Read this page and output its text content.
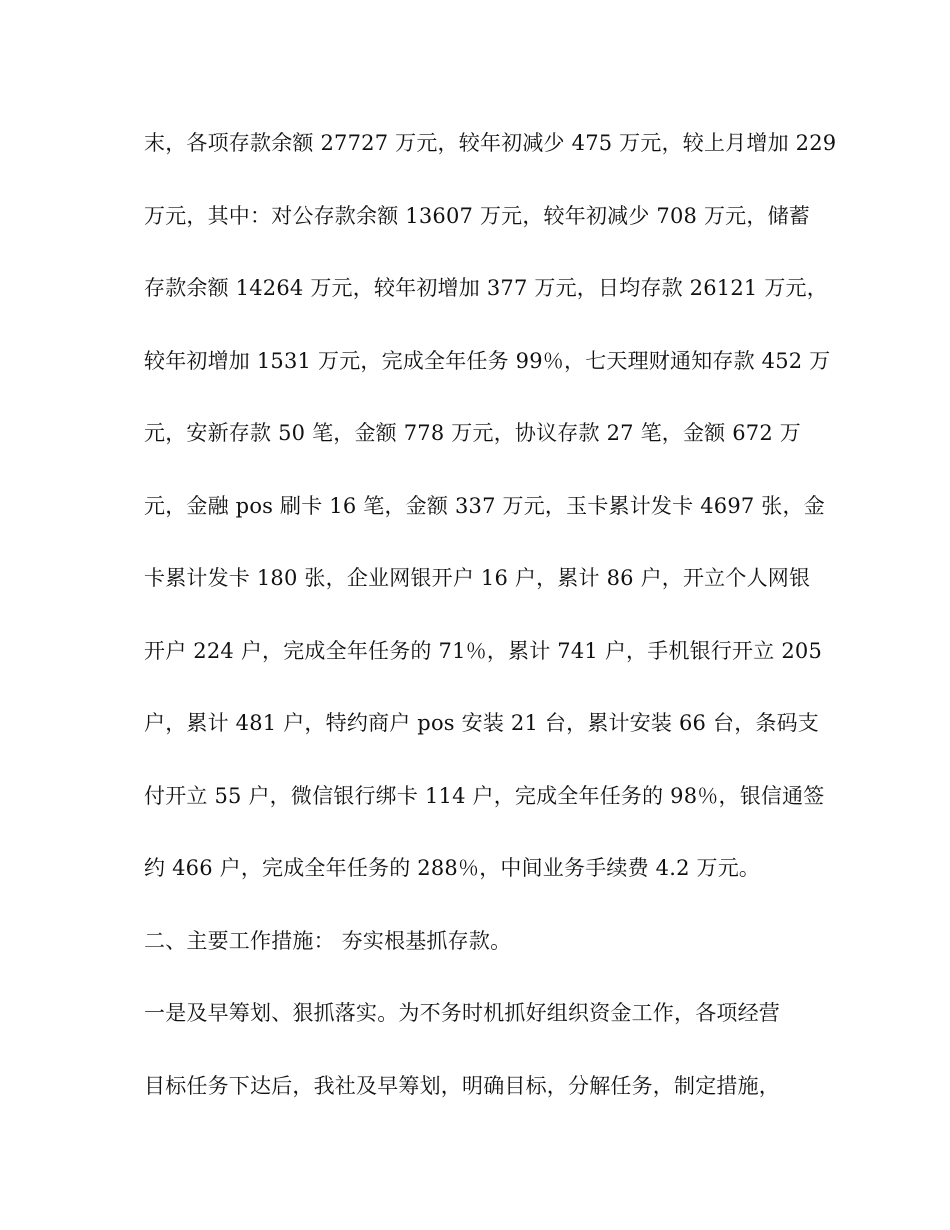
末，各项存款余额 27727 万元，较年初减少 475 万元，较上月增加 229
万元，其中：对公存款余额 13607 万元，较年初减少 708 万元，储蓄
存款余额 14264 万元，较年初增加 377 万元，日均存款 26121 万元，
较年初增加 1531 万元，完成全年任务 99％，七天理财通知存款 452 万
元，安新存款 50 笔，金额 778 万元，协议存款 27 笔，金额 672 万
元，金融 pos 刷卡 16 笔，金额 337 万元，玉卡累计发卡 4697 张，金
卡累计发卡 180 张，企业网银开户 16 户，累计 86 户，开立个人网银
开户 224 户，完成全年任务的 71％，累计 741 户，手机银行开立 205
户，累计 481 户，特约商户 pos 安装 21 台，累计安装 66 台，条码支
付开立 55 户，微信银行绑卡 114 户，完成全年任务的 98％，银信通签
约 466 户，完成全年任务的 288％，中间业务手续费 4.2 万元。
二、主要工作措施： 夯实根基抓存款。
一是及早筹划、狠抓落实。为不务时机抓好组织资金工作，各项经营
目标任务下达后，我社及早筹划，明确目标，分解任务，制定措施，
